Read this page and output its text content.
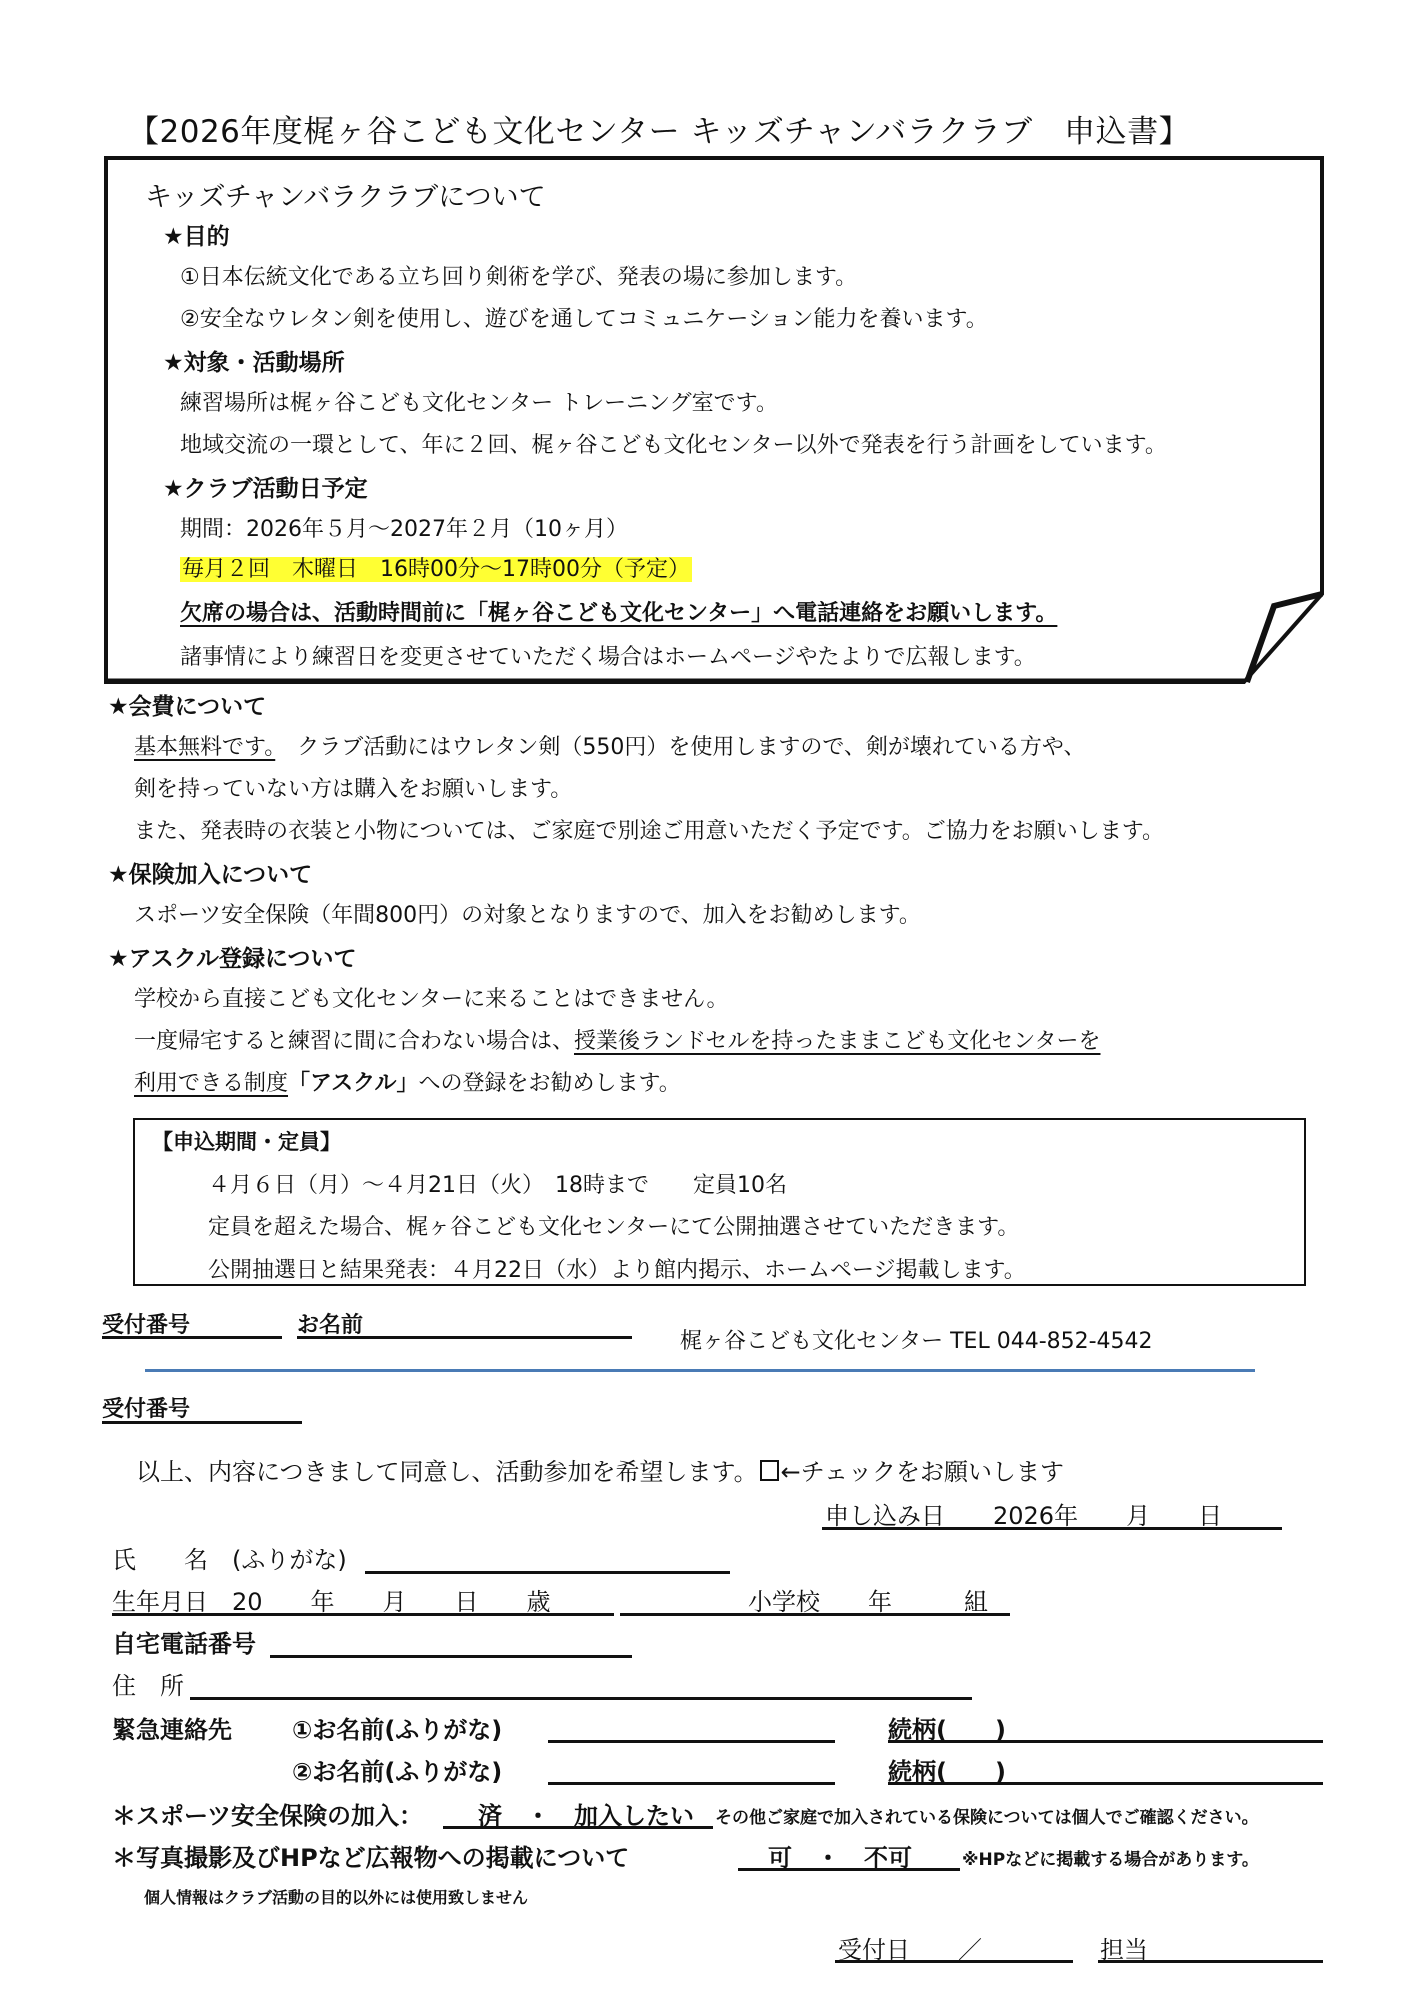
【2026年度梶ヶ谷こども文化センター キッズチャンバラクラブ　申込書】
キッズチャンバラクラブについて
★目的
①日本伝統文化である立ち回り剣術を学び、発表の場に参加します。
②安全なウレタン剣を使用し、遊びを通してコミュニケーション能力を養います。
★対象・活動場所
練習場所は梶ヶ谷こども文化センター トレーニング室です。
地域交流の一環として、年に２回、梶ヶ谷こども文化センター以外で発表を行う計画をしています。
★クラブ活動日予定
期間：2026年５月～2027年２月（10ヶ月）
毎月２回　木曜日　16時00分～17時00分（予定）
欠席の場合は、活動時間前に「梶ヶ谷こども文化センター」へ電話連絡をお願いします。
諸事情により練習日を変更させていただく場合はホームページやたよりで広報します。
★会費について
基本無料です。　クラブ活動にはウレタン剣（550円）を使用しますので、剣が壊れている方や、
剣を持っていない方は購入をお願いします。
また、発表時の衣装と小物については、ご家庭で別途ご用意いただく予定です。ご協力をお願いします。
★保険加入について
スポーツ安全保険（年間800円）の対象となりますので、加入をお勧めします。
★アスクル登録について
学校から直接こども文化センターに来ることはできません。
一度帰宅すると練習に間に合わない場合は、授業後ランドセルを持ったままこども文化センターを
利用できる制度「アスクル」への登録をお勧めします。
【申込期間・定員】
４月６日（月）～４月21日（火）　18時まで　　定員10名
定員を超えた場合、梶ヶ谷こども文化センターにて公開抽選させていただきます。
公開抽選日と結果発表：４月22日（水）より館内掲示、ホームページ掲載します。
受付番号	お名前
梶ヶ谷こども文化センター TEL 044-852-4542
受付番号
以上、内容につきまして同意し、活動参加を希望します。 ←チェックをお願いします
申し込み日　　2026年　　月　　日
氏　　名　(ふりがな)
生年月日　20　　年　　月　　日　　歳	小学校　　年　　　組
自宅電話番号
住　所
緊急連絡先	①お名前(ふりがな)	続柄(　　)
②お名前(ふりがな)	続柄(　　)
＊スポーツ安全保険の加入： 済　・　加入したい その他ご家庭で加入されている保険については個人でご確認ください。
＊写真撮影及びHPなど広報物への掲載について	可　・　不可	※HPなどに掲載する場合があります。
個人情報はクラブ活動の目的以外には使用致しません
受付日　　／	担当
